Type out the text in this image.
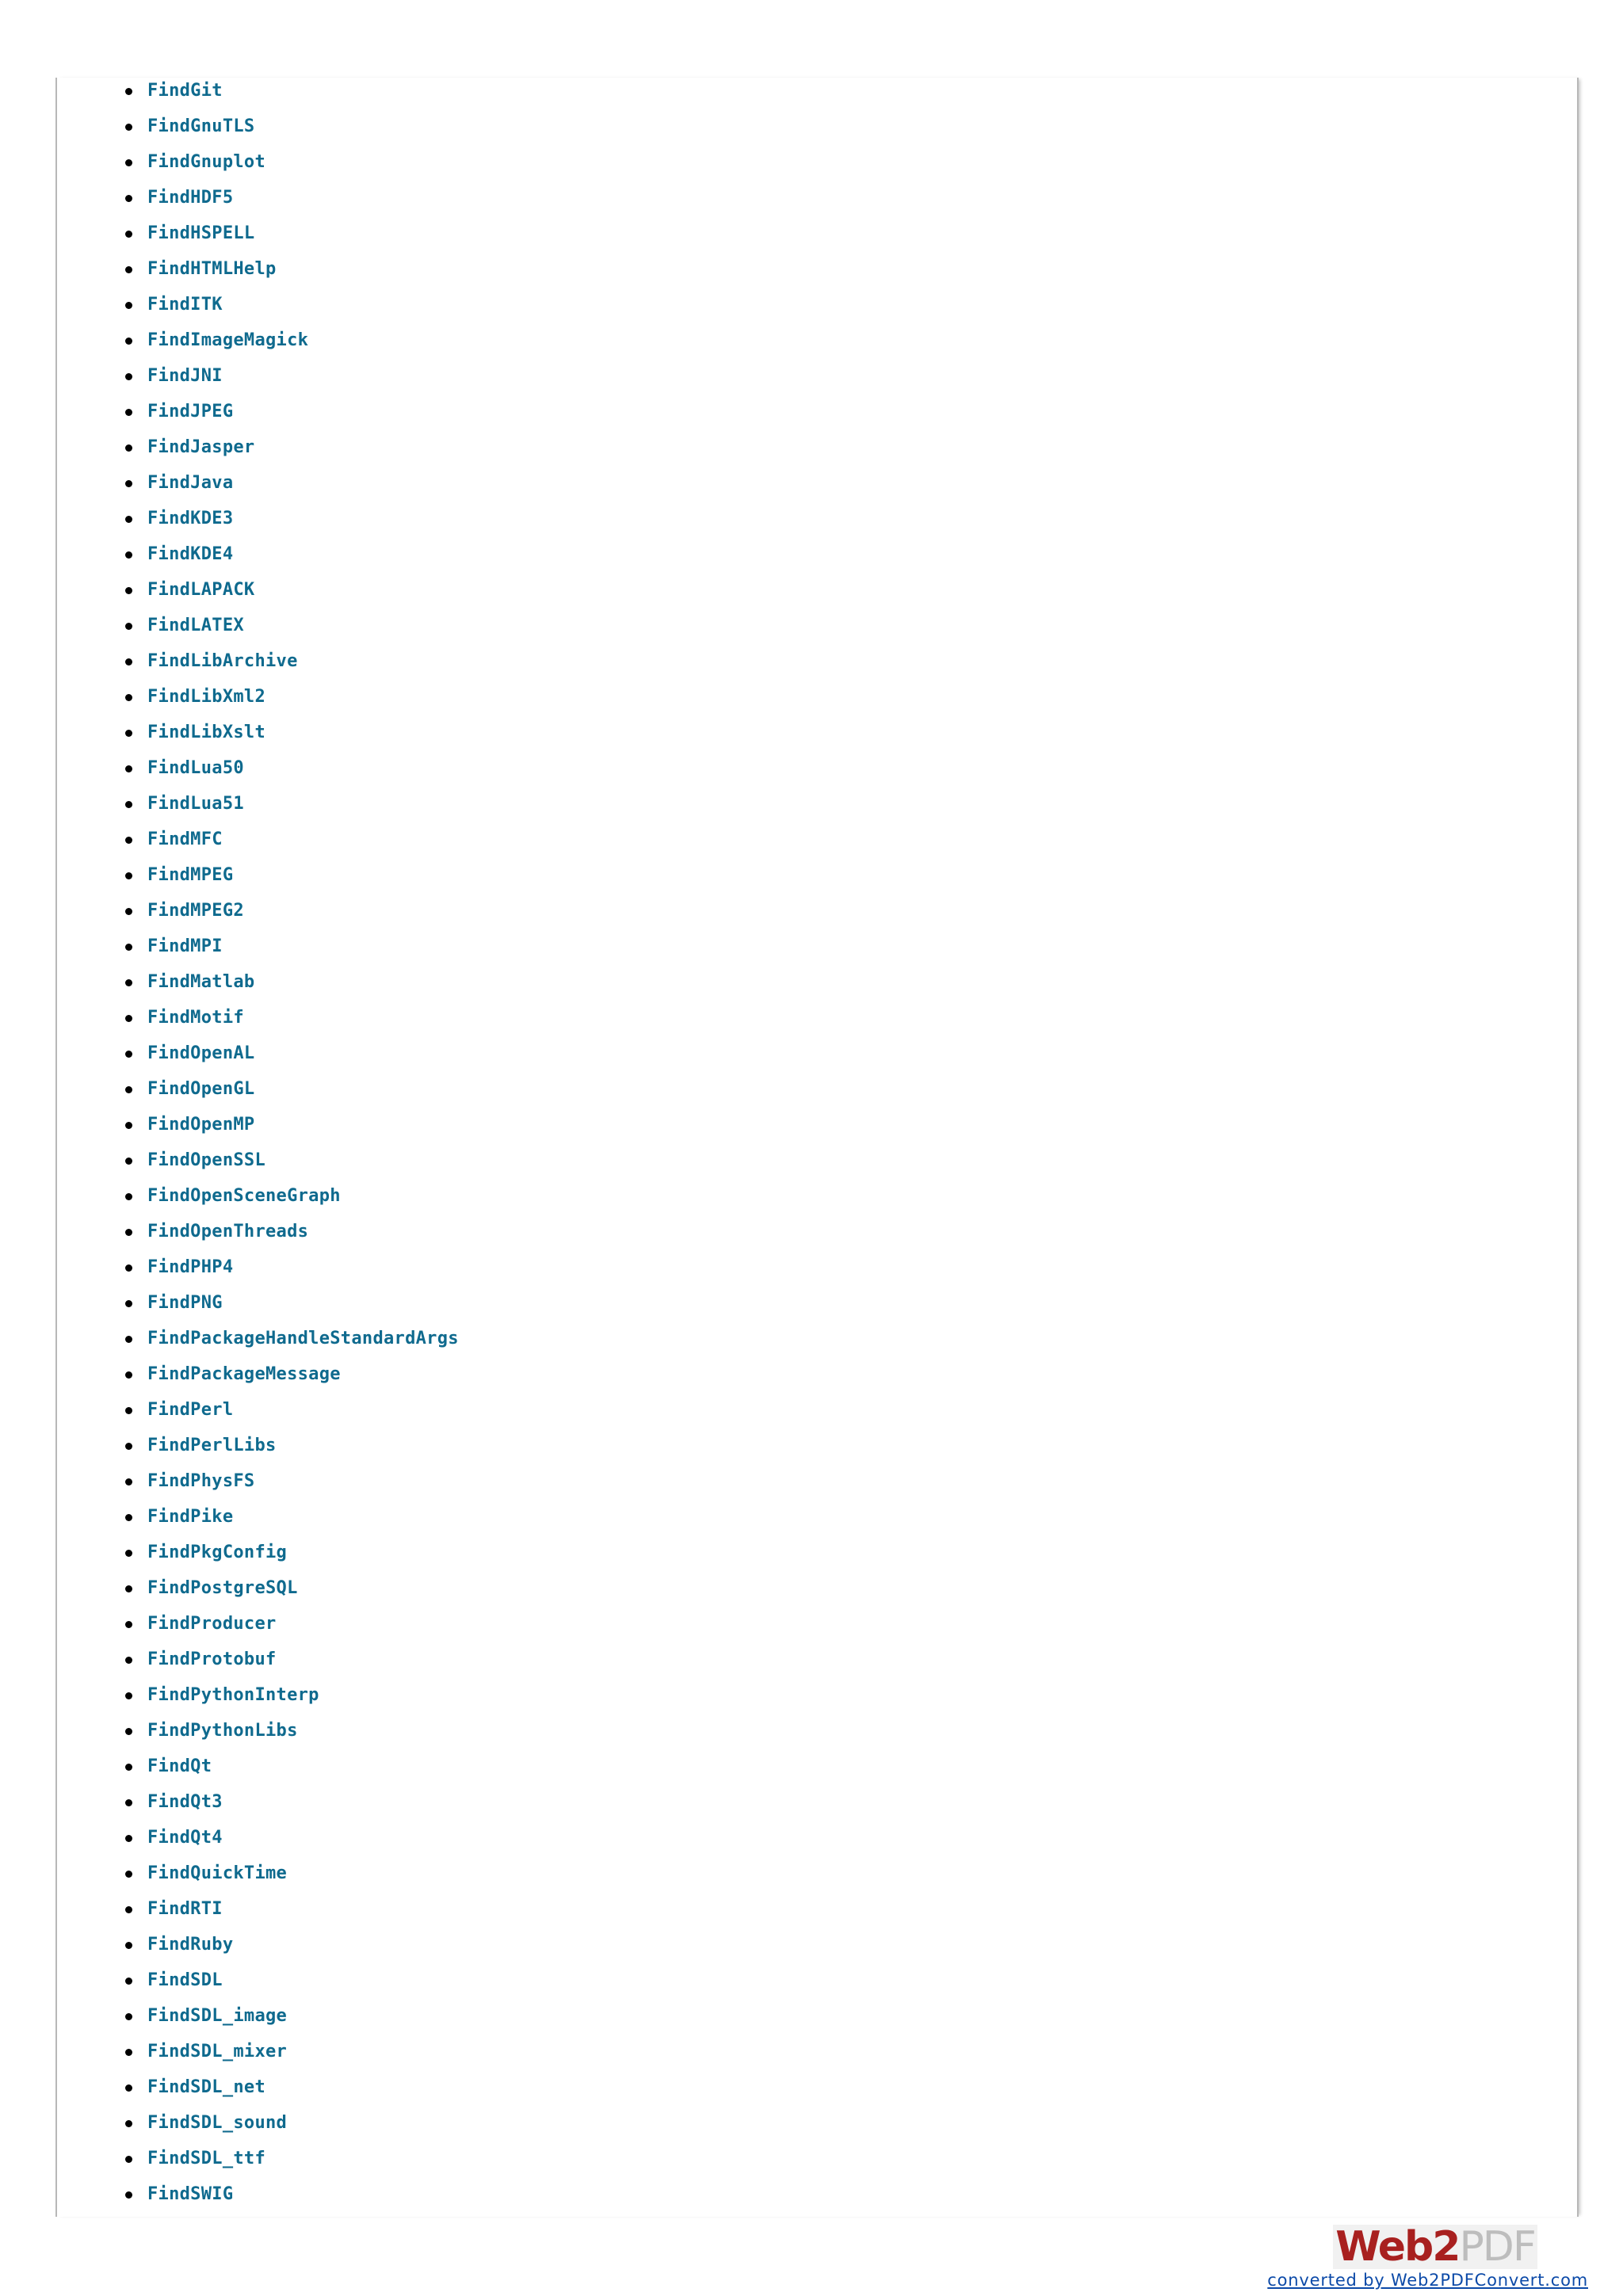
FindGit
FindGnuTLS
FindGnuplot
FindHDF5
FindHSPELL
FindHTMLHelp
FindITK
FindImageMagick
FindJNI
FindJPEG
FindJasper
FindJava
FindKDE3
FindKDE4
FindLAPACK
FindLATEX
FindLibArchive
FindLibXml2
FindLibXslt
FindLua50
FindLua51
FindMFC
FindMPEG
FindMPEG2
FindMPI
FindMatlab
FindMotif
FindOpenAL
FindOpenGL
FindOpenMP
FindOpenSSL
FindOpenSceneGraph
FindOpenThreads
FindPHP4
FindPNG
FindPackageHandleStandardArgs
FindPackageMessage
FindPerl
FindPerlLibs
FindPhysFS
FindPike
FindPkgConfig
FindPostgreSQL
FindProducer
FindProtobuf
FindPythonInterp
FindPythonLibs
FindQt
FindQt3
FindQt4
FindQuickTime
FindRTI
FindRuby
FindSDL
FindSDL_image
FindSDL_mixer
FindSDL_net
FindSDL_sound
FindSDL_ttf
FindSWIG
Web 2 PDF
converted by Web2PDFConvert.com
